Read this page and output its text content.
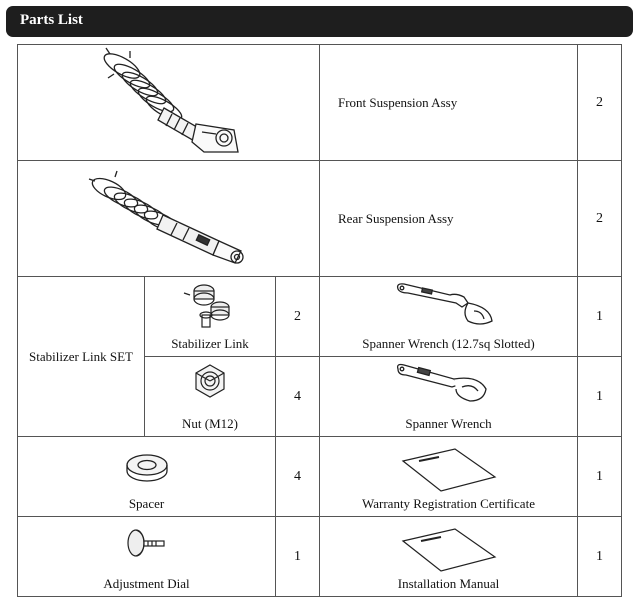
Parts List
	Front Suspension Assy	2
	Rear Suspension Assy	2
Stabilizer Link SET	Stabilizer Link	2	Spanner Wrench (12.7sq Slotted)	1

	Nut (M12)	4	Spanner Wrench	1

Spacer		4	Warranty Registration Certificate	1

Adjustment Dial		1	Installation Manual	1
